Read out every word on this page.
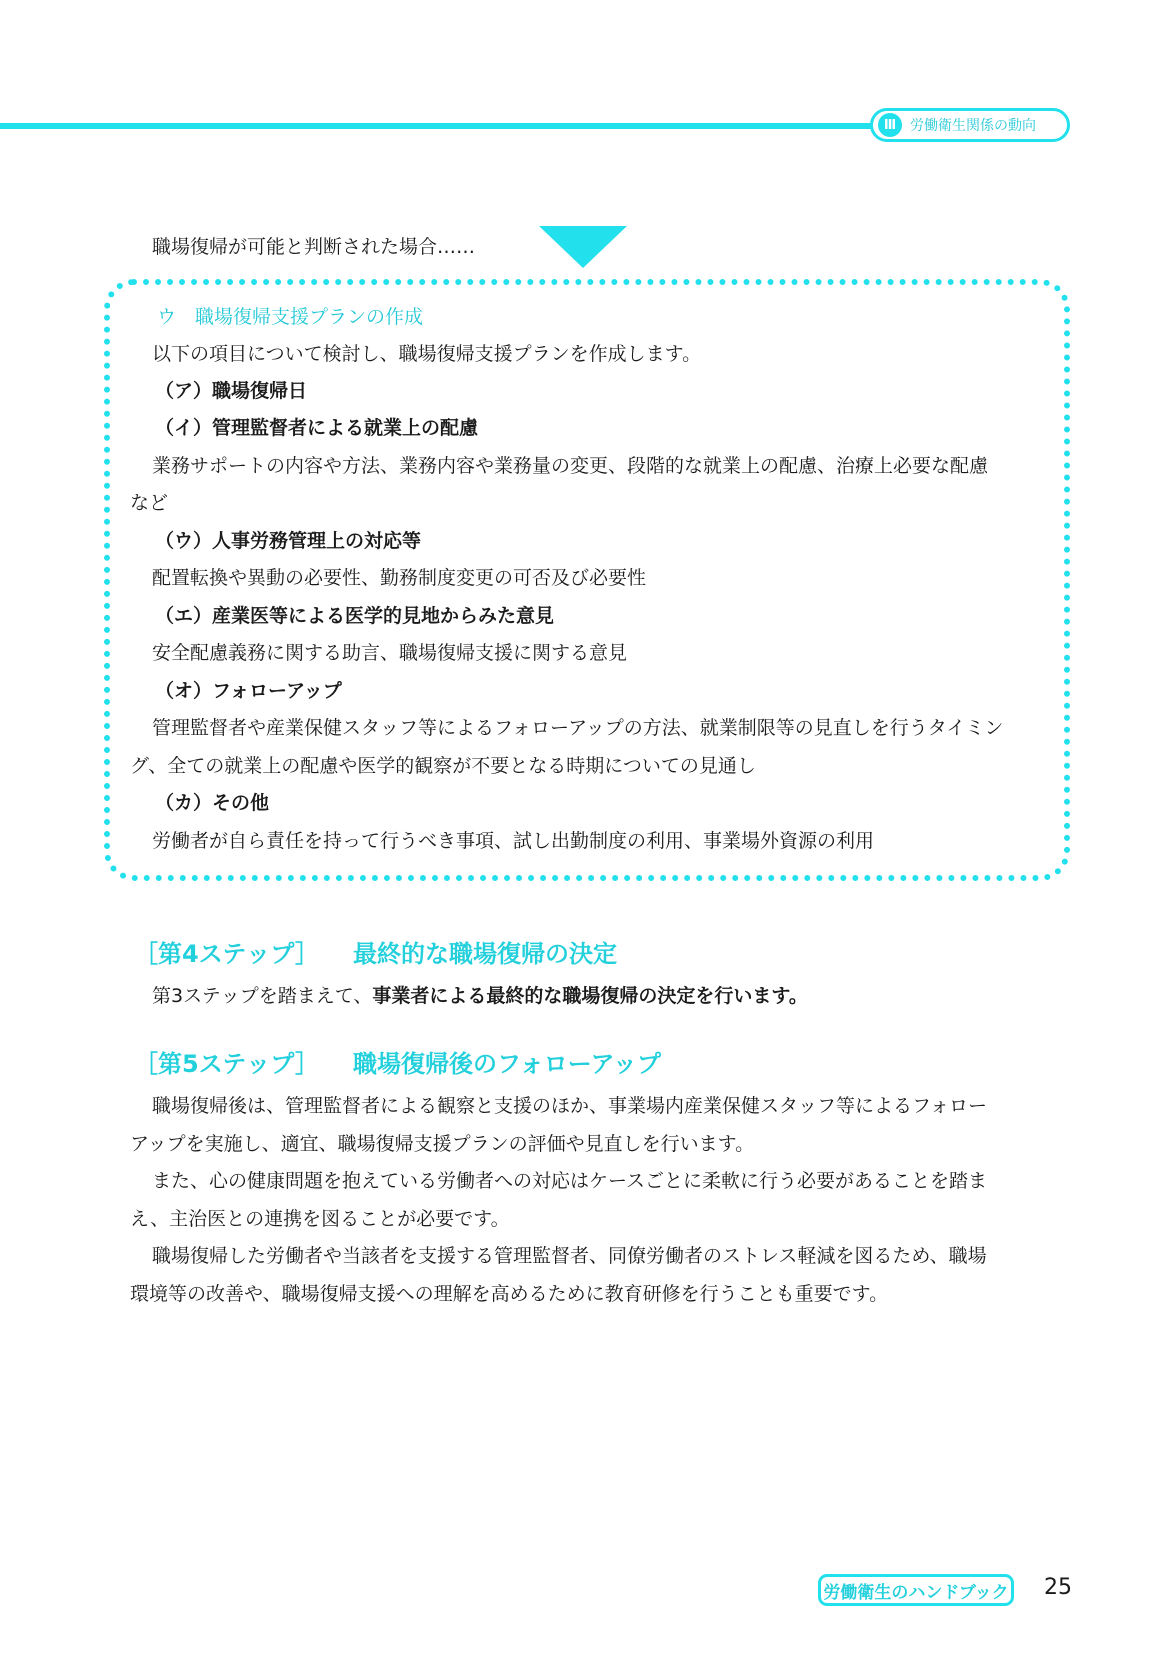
Ⅲ 労働衛生関係の動向
職場復帰が可能と判断された場合……
ウ　職場復帰支援プランの作成
以下の項目について検討し、職場復帰支援プランを作成します。
（ア）職場復帰日
（イ）管理監督者による就業上の配慮
業務サポートの内容や方法、業務内容や業務量の変更、段階的な就業上の配慮、治療上必要な配慮
など
（ウ）人事労務管理上の対応等
配置転換や異動の必要性、勤務制度変更の可否及び必要性
（エ）産業医等による医学的見地からみた意見
安全配慮義務に関する助言、職場復帰支援に関する意見
（オ）フォローアップ
管理監督者や産業保健スタッフ等によるフォローアップの方法、就業制限等の見直しを行うタイミン
グ、全ての就業上の配慮や医学的観察が不要となる時期についての見通し
（カ）その他
労働者が自ら責任を持って行うべき事項、試し出勤制度の利用、事業場外資源の利用
［第4ステップ］ 最終的な職場復帰の決定
第3ステップを踏まえて、事業者による最終的な職場復帰の決定を行います。
［第5ステップ］ 職場復帰後のフォローアップ
職場復帰後は、管理監督者による観察と支援のほか、事業場内産業保健スタッフ等によるフォロー
アップを実施し、適宜、職場復帰支援プランの評価や見直しを行います。
また、心の健康問題を抱えている労働者への対応はケースごとに柔軟に行う必要があることを踏ま
え、主治医との連携を図ることが必要です。
職場復帰した労働者や当該者を支援する管理監督者、同僚労働者のストレス軽減を図るため、職場
環境等の改善や、職場復帰支援への理解を高めるために教育研修を行うことも重要です。
労働衛生のハンドブック 25
